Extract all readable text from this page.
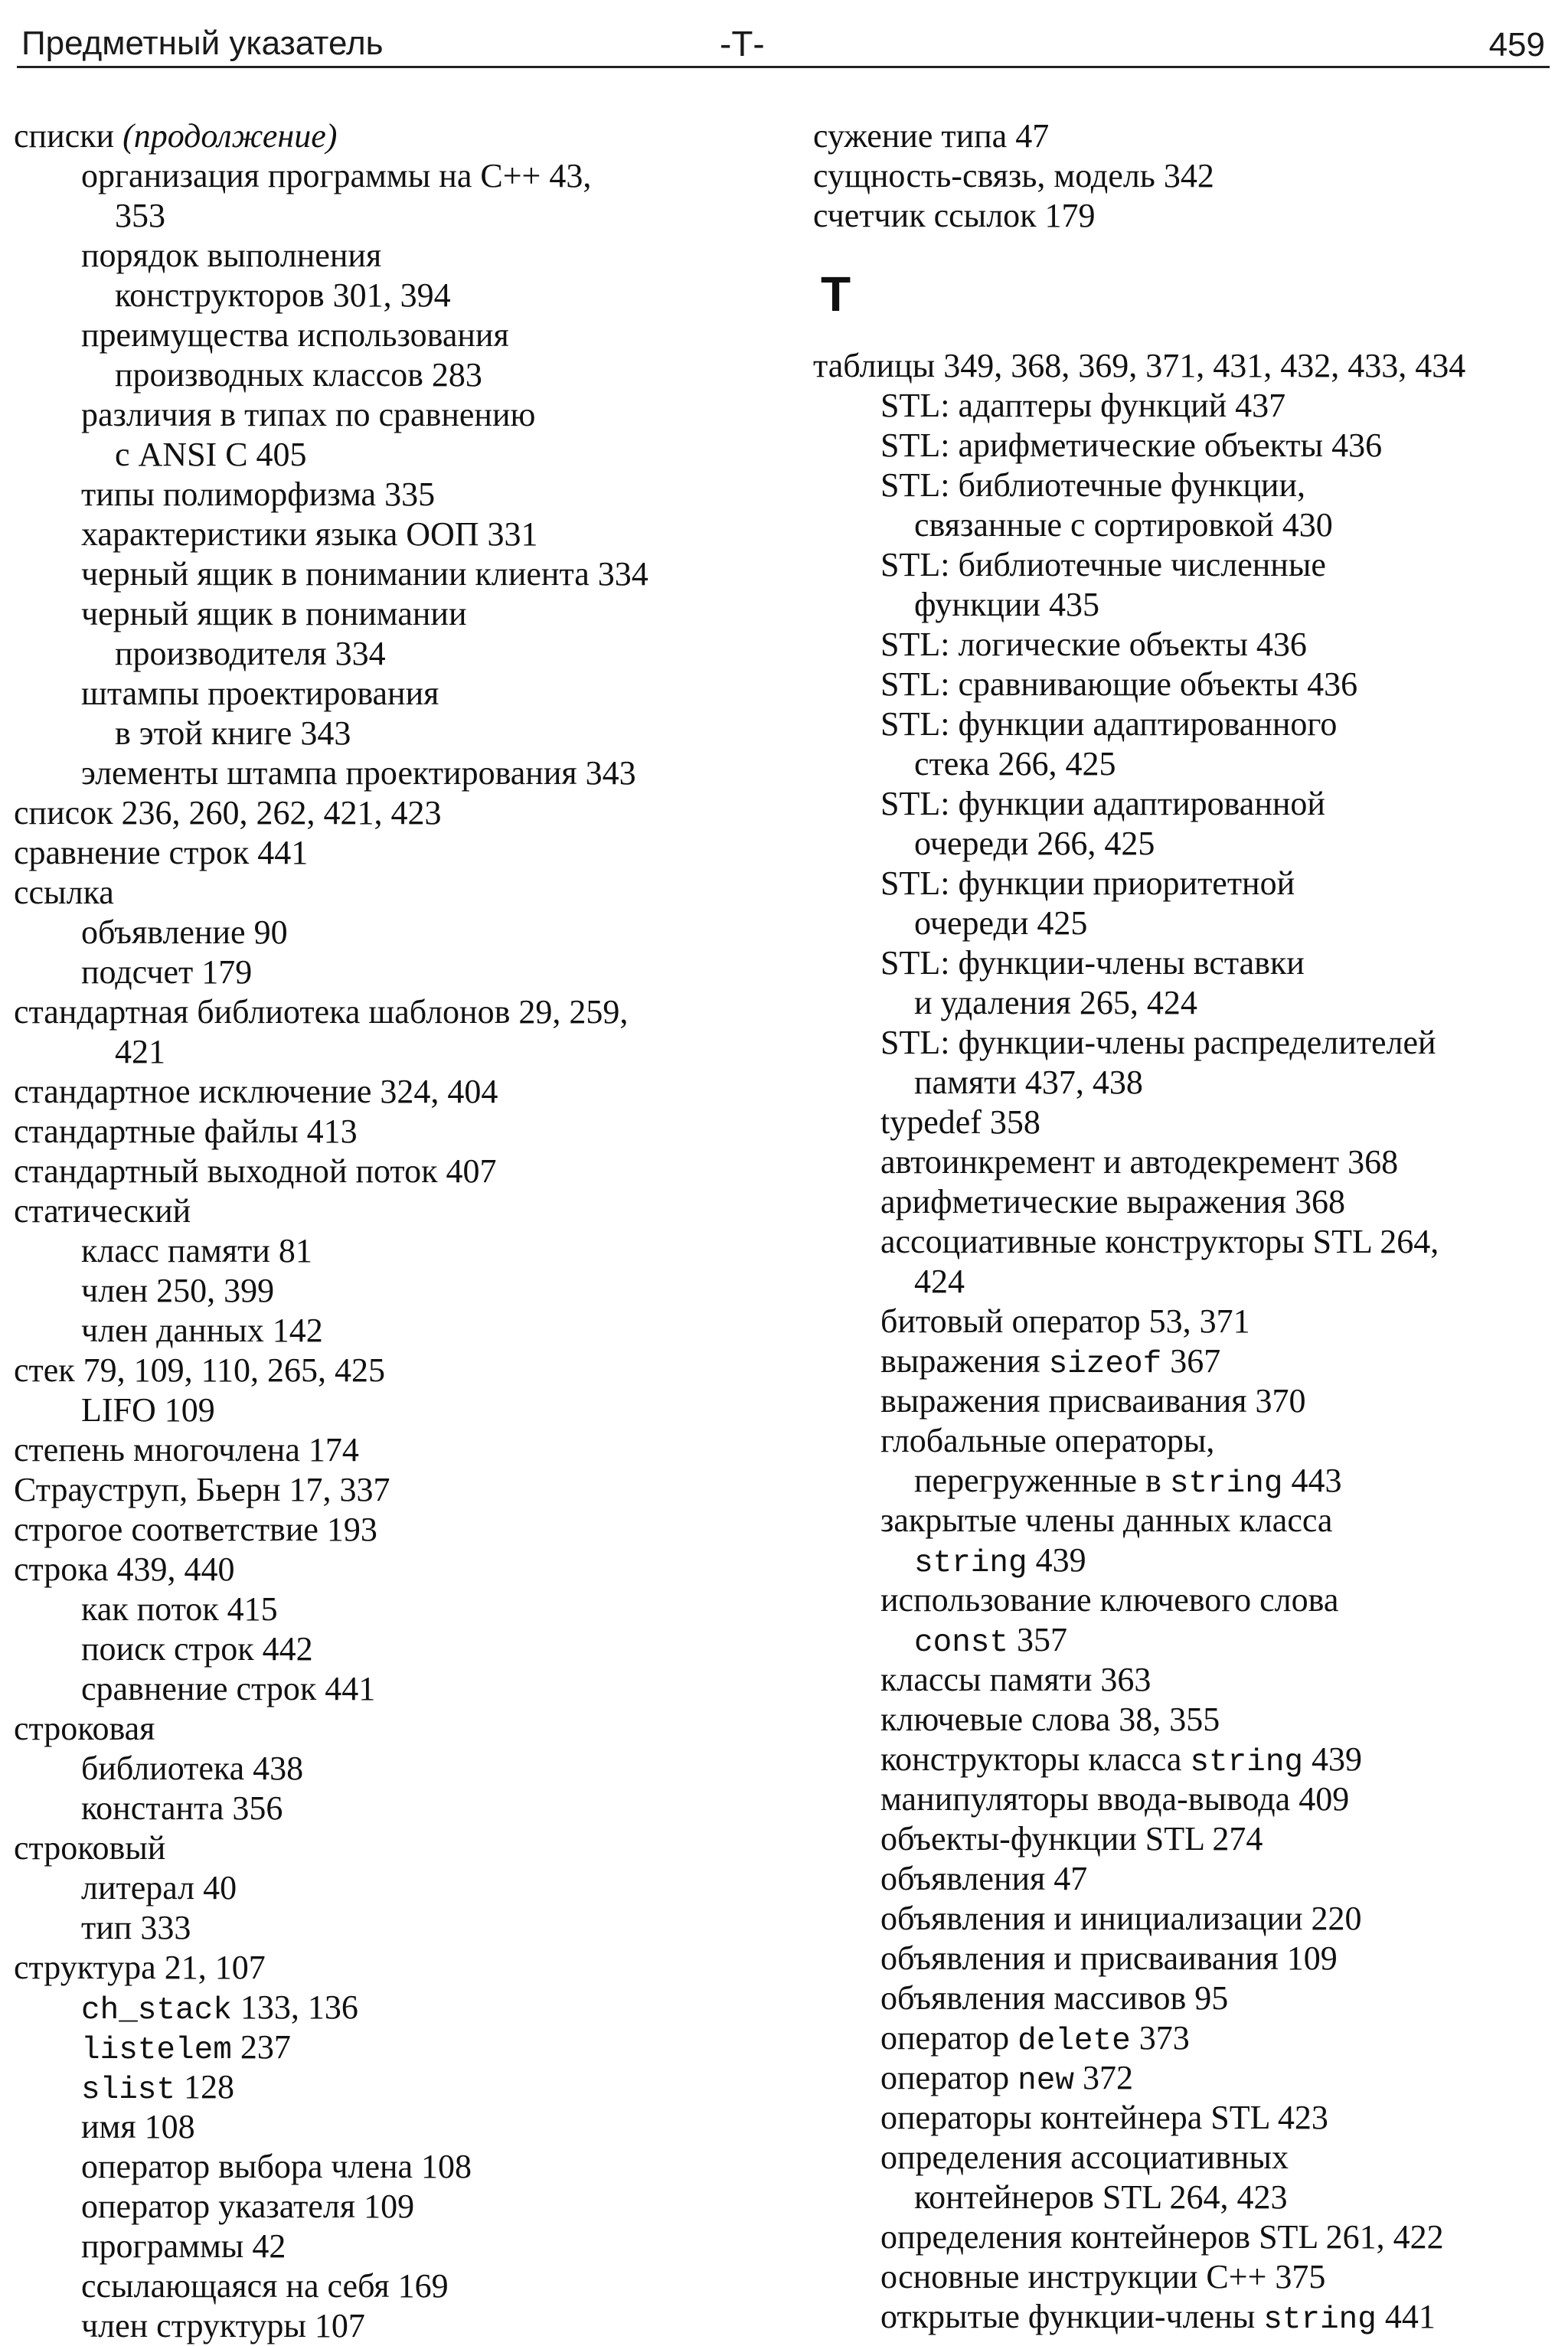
Предметный указатель	-Т-	459
списки (продолжение)
организация программы на С++ 43,
353
порядок выполнения
конструкторов 301, 394
преимущества использования
производных классов 283
различия в типах по сравнению
с ANSI C 405
типы полиморфизма 335
характеристики языка ООП 331
черный ящик в понимании клиента 334
черный ящик в понимании
производителя 334
штампы проектирования
в этой книге 343
элементы штампа проектирования 343
список 236, 260, 262, 421, 423
сравнение строк 441
ссылка
объявление 90
подсчет 179
стандартная библиотека шаблонов 29, 259,
421
стандартное исключение 324, 404
стандартные файлы 413
стандартный выходной поток 407
статический
класс памяти 81
член 250, 399
член данных 142
стек 79, 109, 110, 265, 425
LIFO 109
степень многочлена 174
Страуструп, Бьерн 17, 337
строгое соответствие 193
строка 439, 440
как поток 415
поиск строк 442
сравнение строк 441
строковая
библиотека 438
константа 356
строковый
литерал 40
тип 333
структура 21, 107
ch_stack 133, 136
listelem 237
slist 128
имя 108
оператор выбора члена 108
оператор указателя 109
программы 42
ссылающаяся на себя 169
член структуры 107
сужение типа 47
сущность-связь, модель 342
счетчик ссылок 179
Т
таблицы 349, 368, 369, 371, 431, 432, 433, 434
STL: адаптеры функций 437
STL: арифметические объекты 436
STL: библиотечные функции,
связанные с сортировкой 430
STL: библиотечные численные
функции 435
STL: логические объекты 436
STL: сравнивающие объекты 436
STL: функции адаптированного
стека 266, 425
STL: функции адаптированной
очереди 266, 425
STL: функции приоритетной
очереди 425
STL: функции-члены вставки
и удаления 265, 424
STL: функции-члены распределителей
памяти 437, 438
typedef 358
автоинкремент и автодекремент 368
арифметические выражения 368
ассоциативные конструкторы STL 264,
424
битовый оператор 53, 371
выражения sizeof 367
выражения присваивания 370
глобальные операторы,
перегруженные в string 443
закрытые члены данных класса
string 439
использование ключевого слова
const 357
классы памяти 363
ключевые слова 38, 355
конструкторы класса string 439
манипуляторы ввода-вывода 409
объекты-функции STL 274
объявления 47
объявления и инициализации 220
объявления и присваивания 109
объявления массивов 95
оператор delete 373
оператор new 372
операторы контейнера STL 423
определения ассоциативных
контейнеров STL 264, 423
определения контейнеров STL 261, 422
основные инструкции С++ 375
открытые функции-члены string 441
